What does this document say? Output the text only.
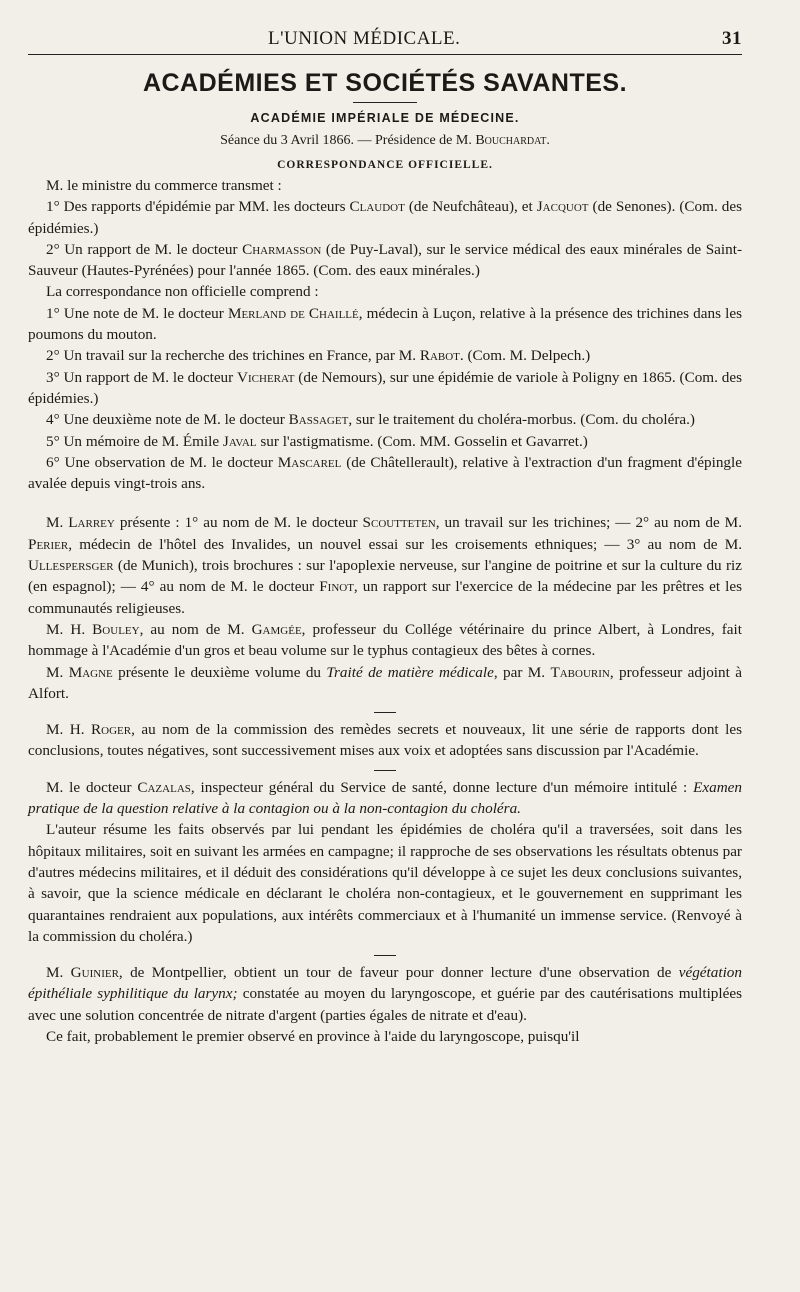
L'UNION MÉDICALE.	31
ACADÉMIES ET SOCIÉTÉS SAVANTES.
ACADÉMIE IMPÉRIALE DE MÉDECINE.
Séance du 3 Avril 1866. — Présidence de M. Bouchardat.
CORRESPONDANCE OFFICIELLE.

M. le ministre du commerce transmet :

1° Des rapports d'épidémie par MM. les docteurs Claudot (de Neufchâteau), et Jacquot (de Senones). (Com. des épidémies.)

2° Un rapport de M. le docteur Charmasson (de Puy-Laval), sur le service médical des eaux minérales de Saint-Sauveur (Hautes-Pyrénées) pour l'année 1865. (Com. des eaux minérales.)

La correspondance non officielle comprend :

1° Une note de M. le docteur Merland de Chaillé, médecin à Luçon, relative à la présence des trichines dans les poumons du mouton.

2° Un travail sur la recherche des trichines en France, par M. Rabot. (Com. M. Delpech.)

3° Un rapport de M. le docteur Vicherat (de Nemours), sur une épidémie de variole à Poligny en 1865. (Com. des épidémies.)

4° Une deuxième note de M. le docteur Bassaget, sur le traitement du choléra-morbus. (Com. du choléra.)

5° Un mémoire de M. Émile Javal sur l'astigmatisme. (Com. MM. Gosselin et Gavarret.)

6° Une observation de M. le docteur Mascarel (de Châtellerault), relative à l'extraction d'un fragment d'épingle avalée depuis vingt-trois ans.

M. Larrey présente : 1° au nom de M. le docteur Scoutteten, un travail sur les trichines; — 2° au nom de M. Perier, médecin de l'hôtel des Invalides, un nouvel essai sur les croisements ethniques; — 3° au nom de M. Ullespersger (de Munich), trois brochures : sur l'apoplexie nerveuse, sur l'angine de poitrine et sur la culture du riz (en espagnol); — 4° au nom de M. le docteur Finot, un rapport sur l'exercice de la médecine par les prêtres et les communautés religieuses.

M. H. Bouley, au nom de M. Gamgée, professeur du Collége vétérinaire du prince Albert, à Londres, fait hommage à l'Académie d'un gros et beau volume sur le typhus contagieux des bêtes à cornes.

M. Magne présente le deuxième volume du Traité de matière médicale, par M. Tabourin, professeur adjoint à Alfort.

M. H. Roger, au nom de la commission des remèdes secrets et nouveaux, lit une série de rapports dont les conclusions, toutes négatives, sont successivement mises aux voix et adoptées sans discussion par l'Académie.

M. le docteur Cazalas, inspecteur général du Service de santé, donne lecture d'un mémoire intitulé : Examen pratique de la question relative à la contagion ou à la non-contagion du choléra.

L'auteur résume les faits observés par lui pendant les épidémies de choléra qu'il a traversées, soit dans les hôpitaux militaires, soit en suivant les armées en campagne; il rapproche de ses observations les résultats obtenus par d'autres médecins militaires, et il déduit des considérations qu'il développe à ce sujet les deux conclusions suivantes, à savoir, que la science médicale en déclarant le choléra non-contagieux, et le gouvernement en supprimant les quarantaines rendraient aux populations, aux intérêts commerciaux et à l'humanité un immense service. (Renvoyé à la commission du choléra.)

M. Guinier, de Montpellier, obtient un tour de faveur pour donner lecture d'une observation de végétation épithéliale syphilitique du larynx; constatée au moyen du laryngoscope, et guérie par des cautérisations multiplées avec une solution concentrée de nitrate d'argent (parties égales de nitrate et d'eau).

Ce fait, probablement le premier observé en province à l'aide du laryngoscope, puisqu'il
